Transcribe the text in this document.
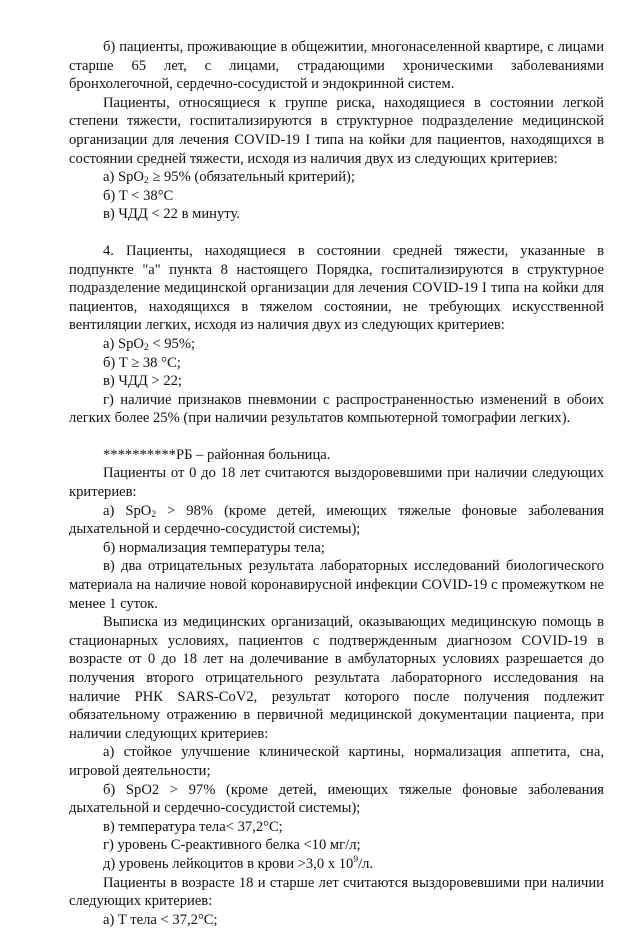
б) пациенты, проживающие в общежитии, многонаселенной квартире, с лицами старше 65 лет, с лицами, страдающими хроническими заболеваниями бронхолегочной, сердечно-сосудистой и эндокринной систем.

Пациенты, относящиеся к группе риска, находящиеся в состоянии легкой степени тяжести, госпитализируются в структурное подразделение медицинской организации для лечения COVID-19 I типа на койки для пациентов, находящихся в состоянии средней тяжести, исходя из наличия двух из следующих критериев:

а) SpO$_2$ ≥ 95% (обязательный критерий);

б) T < 38°C

в) ЧДД < 22 в минуту.

4. Пациенты, находящиеся в состоянии средней тяжести, указанные в подпункте "а" пункта 8 настоящего Порядка, госпитализируются в структурное подразделение медицинской организации для лечения COVID-19 I типа на койки для пациентов, находящихся в тяжелом состоянии, не требующих искусственной вентиляции легких, исходя из наличия двух из следующих критериев:

а) SpO$_2$ < 95%;

б) T ≥ 38 °C;

в) ЧДД > 22;

г) наличие признаков пневмонии с распространенностью изменений в обоих легких более 25% (при наличии результатов компьютерной томографии легких).

**********РБ – районная больница.

Пациенты от 0 до 18 лет считаются выздоровевшими при наличии следующих критериев:

а) SpO$_2$ > 98% (кроме детей, имеющих тяжелые фоновые заболевания дыхательной и сердечно-сосудистой системы);

б) нормализация температуры тела;

в) два отрицательных результата лабораторных исследований биологического материала на наличие новой коронавирусной инфекции COVID-19 с промежутком не менее 1 суток.

Выписка из медицинских организаций, оказывающих медицинскую помощь в стационарных условиях, пациентов с подтвержденным диагнозом COVID-19 в возрасте от 0 до 18 лет на долечивание в амбулаторных условиях разрешается до получения второго отрицательного результата лабораторного исследования на наличие РНК SARS-CoV2, результат которого после получения подлежит обязательному отражению в первичной медицинской документации пациента, при наличии следующих критериев:

а) стойкое улучшение клинической картины, нормализация аппетита, сна, игровой деятельности;

б) SpO2 > 97% (кроме детей, имеющих тяжелые фоновые заболевания дыхательной и сердечно-сосудистой системы);

в) температура тела< 37,2°C;

г) уровень С-реактивного белка <10 мг/л;

д) уровень лейкоцитов в крови >3,0 х $10^9/л$.

Пациенты в возрасте 18 и старше лет считаются выздоровевшими при наличии следующих критериев:

а) T тела < 37,2°C;
